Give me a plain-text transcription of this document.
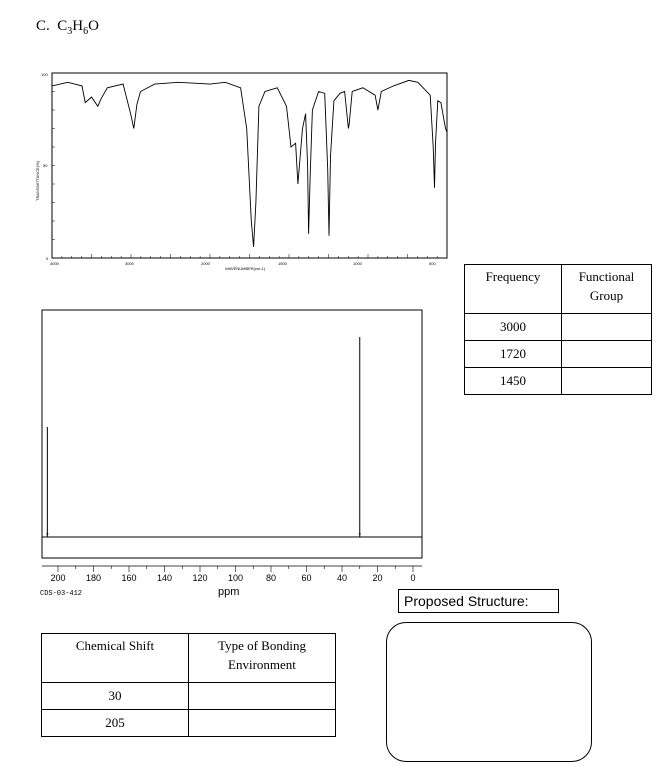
C. $C_3H_6O$
TRANSMITTANCE(%)
100
50
0
4000	3000	2000	1500	1000	500
WAVENUMBER(cm-1)
Frequency	Functional Group
3000	
1720	
1450	
200 180 160 140 120 100	80	60	40	20	0
ppm
CDS-03-412
Chemical Shift	Type of Bonding Environment
30	
205	
Proposed Structure:
